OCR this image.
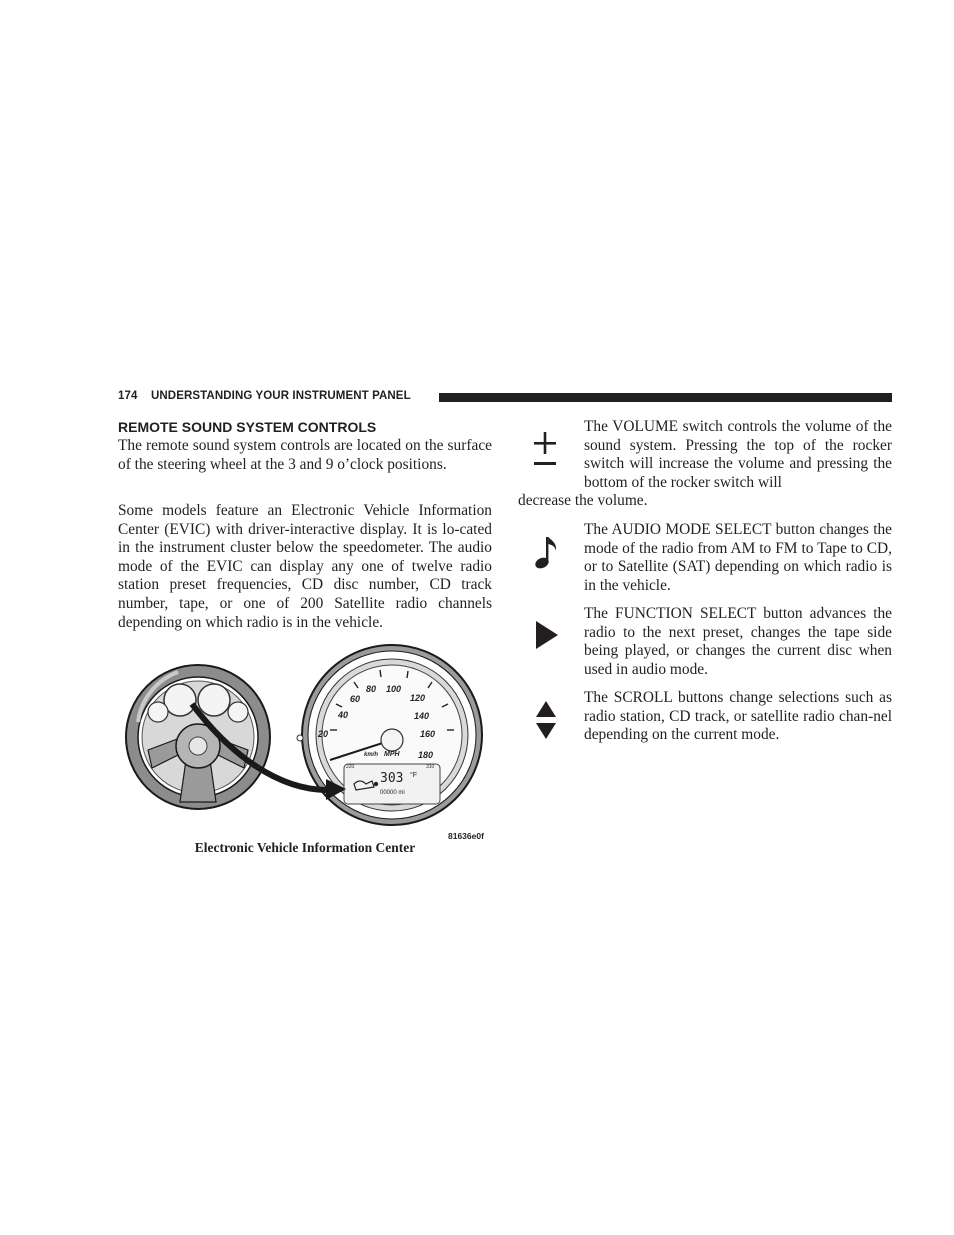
174 UNDERSTANDING YOUR INSTRUMENT PANEL
REMOTE SOUND SYSTEM CONTROLS

The remote sound system controls are located on the surface of the steering wheel at the 3 and 9 o’clock positions.

Some models feature an Electronic Vehicle Information Center (EVIC) with driver-interactive display. It is lo-cated in the instrument cluster below the speedometer. The audio mode of the EVIC can display any one of twelve radio station preset frequencies, CD disc number, CD track number, tape, or one of 200 Satellite radio channels depending on which radio is in the vehicle.

20
40
60
80 100
120
140
160
180
km/h MPH
220	310
303 °F
00000 mi
81636e0f
Electronic Vehicle Information Center

The VOLUME switch controls the volume of the sound system. Pressing the top of the rocker switch will increase the volume and pressing the bottom of the rocker switch will

decrease the volume.

The AUDIO MODE SELECT button changes the mode of the radio from AM to FM to Tape to CD, or to Satellite (SAT) depending on which radio is in the vehicle.

The FUNCTION SELECT button advances the radio to the next preset, changes the tape side being played, or changes the current disc when used in audio mode.

The SCROLL buttons change selections such as radio station, CD track, or satellite radio chan-nel depending on the current mode.
